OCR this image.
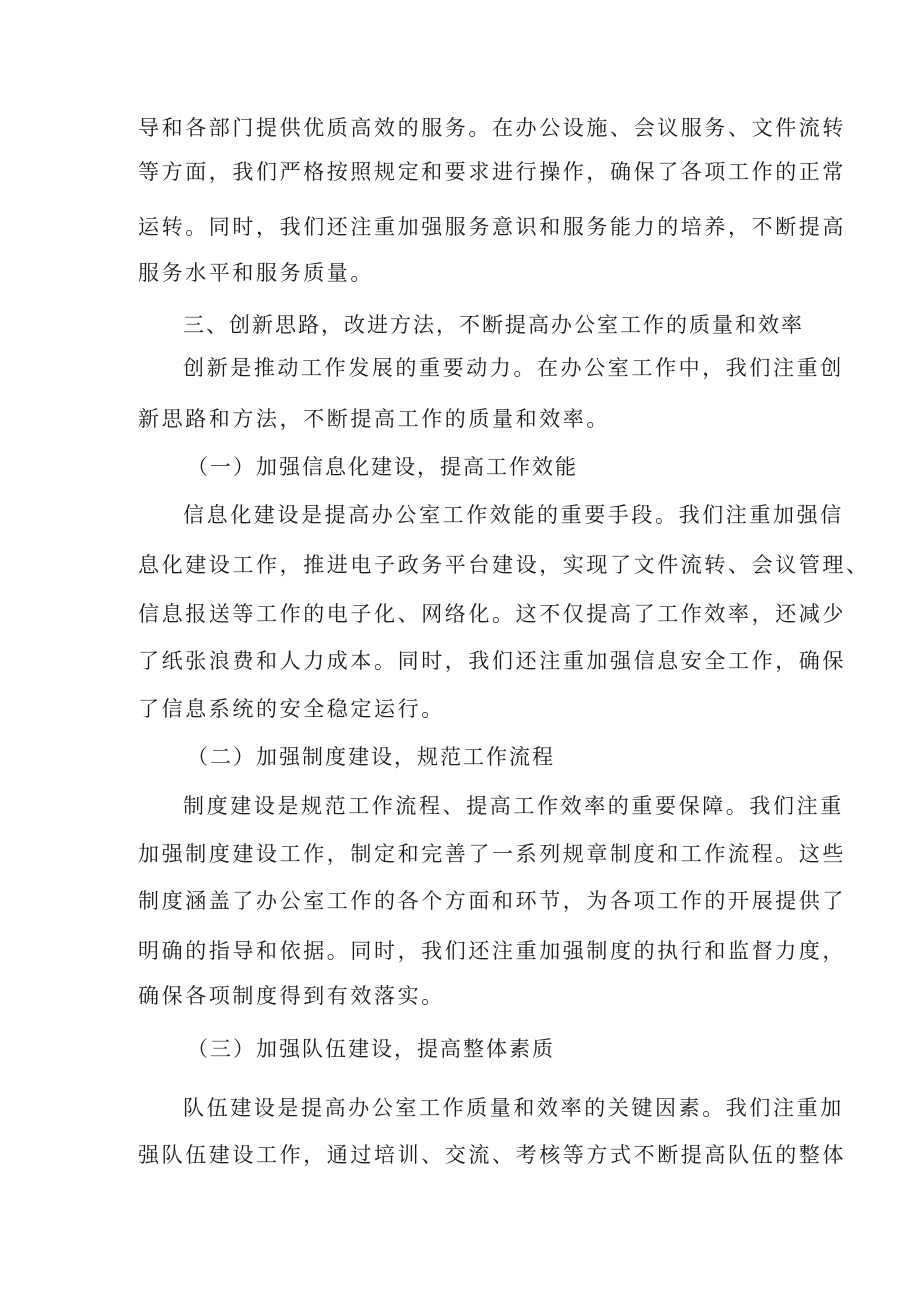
导和各部门提供优质高效的服务。在办公设施、会议服务、文件流转
等方面，我们严格按照规定和要求进行操作，确保了各项工作的正常
运转。同时，我们还注重加强服务意识和服务能力的培养，不断提高
服务水平和服务质量。
三、创新思路，改进方法，不断提高办公室工作的质量和效率
创新是推动工作发展的重要动力。在办公室工作中，我们注重创
新思路和方法，不断提高工作的质量和效率。
（一）加强信息化建设，提高工作效能
信息化建设是提高办公室工作效能的重要手段。我们注重加强信
息化建设工作，推进电子政务平台建设，实现了文件流转、会议管理、
信息报送等工作的电子化、网络化。这不仅提高了工作效率，还减少
了纸张浪费和人力成本。同时，我们还注重加强信息安全工作，确保
了信息系统的安全稳定运行。
（二）加强制度建设，规范工作流程
制度建设是规范工作流程、提高工作效率的重要保障。我们注重
加强制度建设工作，制定和完善了一系列规章制度和工作流程。这些
制度涵盖了办公室工作的各个方面和环节，为各项工作的开展提供了
明确的指导和依据。同时，我们还注重加强制度的执行和监督力度，
确保各项制度得到有效落实。
（三）加强队伍建设，提高整体素质
队伍建设是提高办公室工作质量和效率的关键因素。我们注重加
强队伍建设工作，通过培训、交流、考核等方式不断提高队伍的整体
